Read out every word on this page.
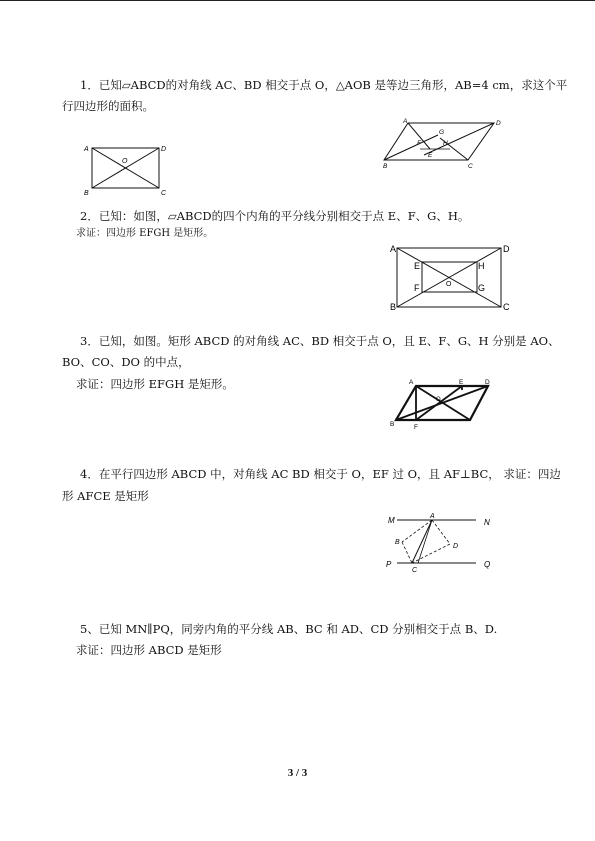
1．已知▱ABCD的对角线 AC、BD 相交于点 O，△AOB 是等边三角形，AB=4 cm，求这个平
行四边形的面积。
A	D
O
B	C
A	D
G
F	H
E
B	C
2．已知：如图，▱ABCD的四个内角的平分线分别相交于点 E、F、G、H。
求证：四边形 EFGH 是矩形。
A	D
E	H
O
F	G
B	C
3．已知，如图。矩形 ABCD 的对角线 AC、BD 相交于点 O，且 E、F、G、H 分别是 AO、
BO、CO、DO 的中点，
求证：四边形 EFGH 是矩形。	A	E	D
O
B	F
4．在平行四边形 ABCD 中，对角线 AC BD 相交于 O，EF 过 O，且 AF⊥BC， 求证：四边
形 AFCE 是矩形
M	A
N
B
D
P
C
Q
5、已知 MN∥PQ，同旁内角的平分线 AB、BC 和 AD、CD 分别相交于点 B、D.
求证：四边形 ABCD 是矩形
3 / 3
